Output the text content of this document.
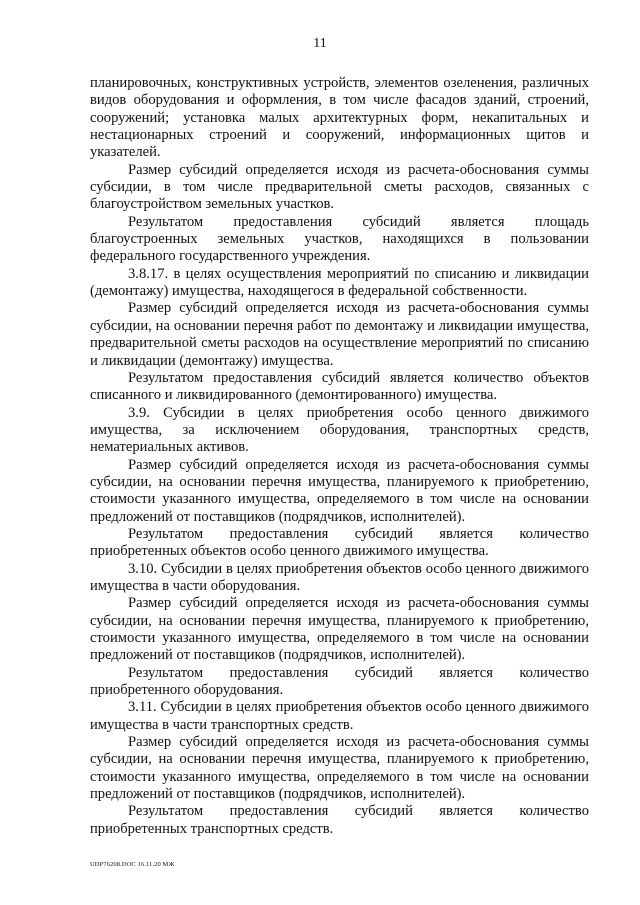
11

планировочных, конструктивных устройств, элементов озеленения, различных видов оборудования и оформления, в том числе фасадов зданий, строений, сооружений; установка малых архитектурных форм, некапитальных и нестационарных строений и сооружений, информационных щитов и указателей.

Размер субсидий определяется исходя из расчета-обоснования суммы субсидии, в том числе предварительной сметы расходов, связанных с благоустройством земельных участков.

Результатом предоставления субсидий является площадь благоустроенных земельных участков, находящихся в пользовании федерального государственного учреждения.

3.8.17. в целях осуществления мероприятий по списанию и ликвидации (демонтажу) имущества, находящегося в федеральной собственности.

Размер субсидий определяется исходя из расчета-обоснования суммы субсидии, на основании перечня работ по демонтажу и ликвидации имущества, предварительной сметы расходов на осуществление мероприятий по списанию и ликвидации (демонтажу) имущества.

Результатом предоставления субсидий является количество объектов списанного и ликвидированного (демонтированного) имущества.

3.9. Субсидии в целях приобретения особо ценного движимого имущества, за исключением оборудования, транспортных средств, нематериальных активов.

Размер субсидий определяется исходя из расчета-обоснования суммы субсидии, на основании перечня имущества, планируемого к приобретению, стоимости указанного имущества, определяемого в том числе на основании предложений от поставщиков (подрядчиков, исполнителей).

Результатом предоставления субсидий является количество приобретенных объектов особо ценного движимого имущества.

3.10. Субсидии в целях приобретения объектов особо ценного движимого имущества в части оборудования.

Размер субсидий определяется исходя из расчета-обоснования суммы субсидии, на основании перечня имущества, планируемого к приобретению, стоимости указанного имущества, определяемого в том числе на основании предложений от поставщиков (подрядчиков, исполнителей).

Результатом предоставления субсидий является количество приобретенного оборудования.

3.11. Субсидии в целях приобретения объектов особо ценного движимого имущества в части транспортных средств.

Размер субсидий определяется исходя из расчета-обоснования суммы субсидии, на основании перечня имущества, планируемого к приобретению, стоимости указанного имущества, определяемого в том числе на основании предложений от поставщиков (подрядчиков, исполнителей).

Результатом предоставления субсидий является количество приобретенных транспортных средств.

UDP76208.DOC 16.11.20 МЖ
